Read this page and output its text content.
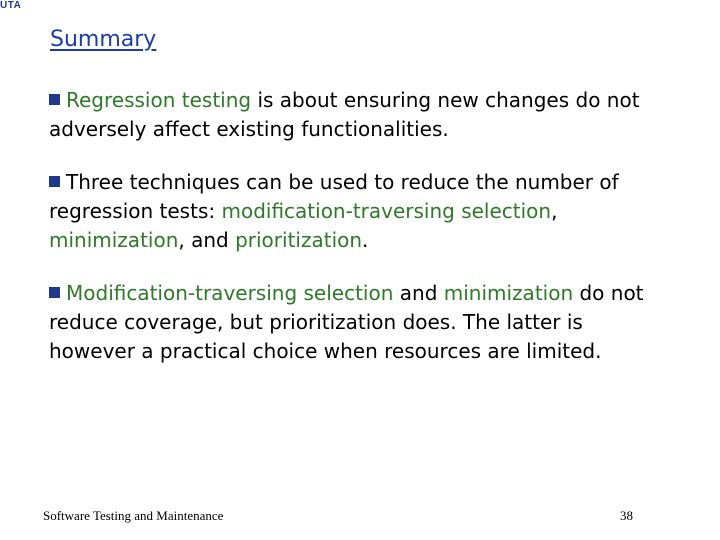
UTA
Summary

Regression testing is about ensuring new changes do not adversely affect existing functionalities.

Three techniques can be used to reduce the number of regression tests: modification-traversing selection, minimization, and prioritization.

Modification-traversing selection and minimization do not reduce coverage, but prioritization does. The latter is however a practical choice when resources are limited.

Software Testing and Maintenance	38
